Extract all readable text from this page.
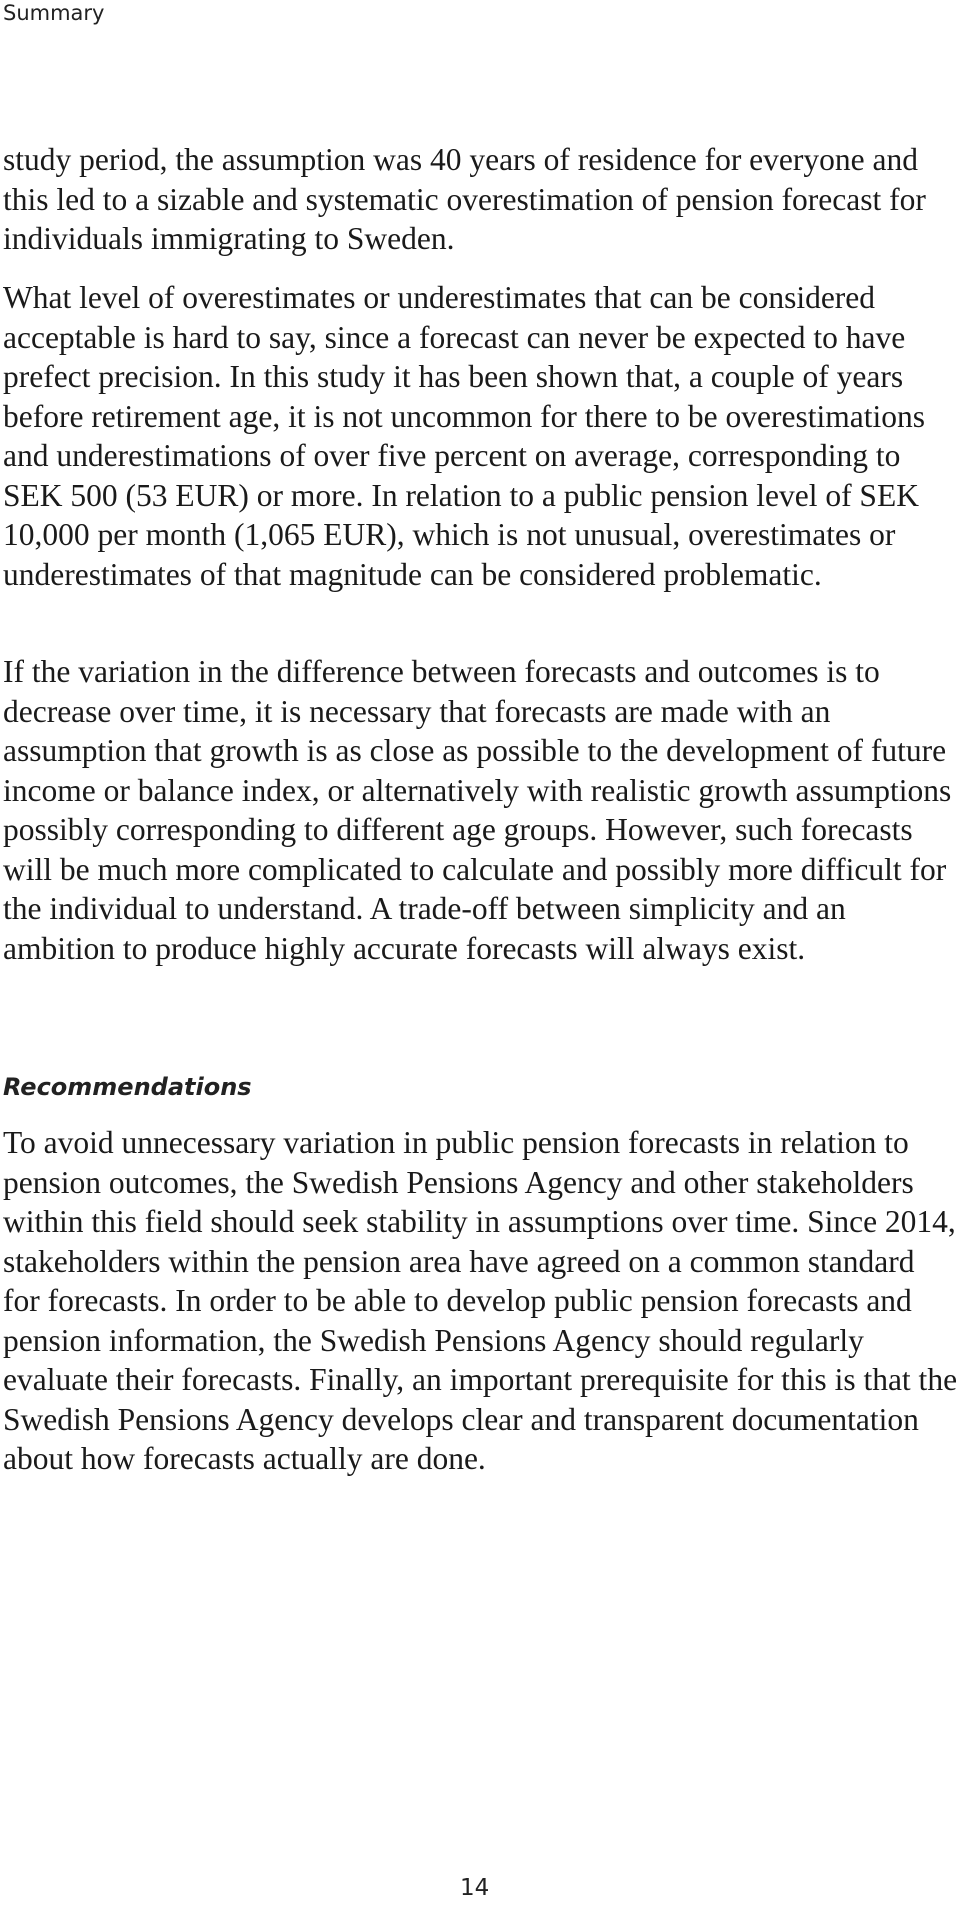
Summary

study period, the assumption was 40 years of residence for everyone and this led to a sizable and systematic overestimation of pension forecast for individuals immigrating to Sweden.

What level of overestimates or underestimates that can be considered acceptable is hard to say, since a forecast can never be expected to have prefect precision. In this study it has been shown that, a couple of years before retirement age, it is not uncommon for there to be overestimations and underestimations of over five percent on average, corresponding to SEK 500 (53 EUR) or more. In relation to a public pension level of SEK 10,000 per month (1,065 EUR), which is not unusual, overestimates or underestimates of that magnitude can be considered problematic.

If the variation in the difference between forecasts and outcomes is to decrease over time, it is necessary that forecasts are made with an assumption that growth is as close as possible to the development of future income or balance index, or alternatively with realistic growth assumptions possibly corresponding to different age groups. However, such forecasts will be much more complicated to calculate and possibly more difficult for the individual to understand. A trade-off between simplicity and an ambition to produce highly accurate forecasts will always exist.

Recommendations

To avoid unnecessary variation in public pension forecasts in relation to pension outcomes, the Swedish Pensions Agency and other stakeholders within this field should seek stability in assumptions over time. Since 2014, stakeholders within the pension area have agreed on a common standard for forecasts. In order to be able to develop public pension forecasts and pension information, the Swedish Pensions Agency should regularly evaluate their forecasts. Finally, an important prerequisite for this is that the Swedish Pensions Agency develops clear and transparent documentation about how forecasts actually are done.

14
